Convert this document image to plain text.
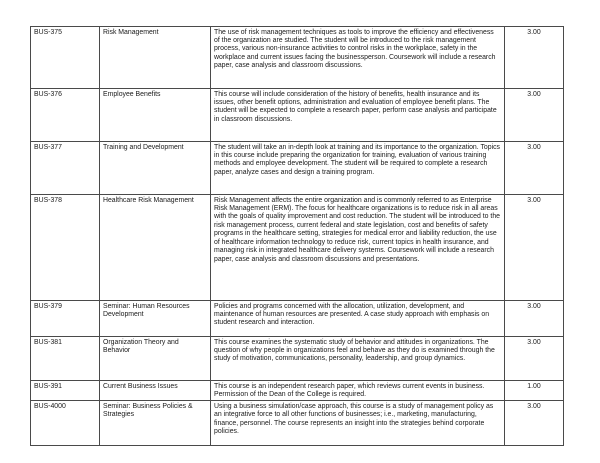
BUS-375	Risk Management	The use of risk management techniques as tools to improve the efficiency and effectiveness of the organization are studied. The student will be introduced to the risk management process, various non-insurance activities to control risks in the workplace, safety in the workplace and current issues facing the businessperson. Coursework will include a research paper, case analysis and classroom discussions.	3.00
BUS-376	Employee Benefits	This course will include consideration of the history of benefits, health insurance and its issues, other benefit options, administration and evaluation of employee benefit plans. The student will be expected to complete a research paper, perform case analysis and participate in classroom discussions.	3.00
BUS-377	Training and Development	The student will take an in-depth look at training and its importance to the organization. Topics in this course include preparing the organization for training, evaluation of various training methods and employee development. The student will be required to complete a research paper, analyze cases and design a training program.	3.00
BUS-378	Healthcare Risk Management	Risk Management affects the entire organization and is commonly referred to as Enterprise Risk Management (ERM). The focus for healthcare organizations is to reduce risk in all areas with the goals of quality improvement and cost reduction. The student will be introduced to the risk management process, current federal and state legislation, cost and benefits of safety programs in the healthcare setting, strategies for medical error and liability reduction, the use of healthcare information technology to reduce risk, current topics in health insurance, and managing risk in integrated healthcare delivery systems. Coursework will include a research paper, case analysis and classroom discussions and presentations.	3.00
BUS-379	Seminar: Human Resources Development	Policies and programs concerned with the allocation, utilization, development, and maintenance of human resources are presented. A case study approach with emphasis on student research and interaction.	3.00
BUS-381	Organization Theory and Behavior	This course examines the systematic study of behavior and attitudes in organizations. The question of why people in organizations feel and behave as they do is examined through the study of motivation, communications, personality, leadership, and group dynamics.	3.00
BUS-391	Current Business Issues	This course is an independent research paper, which reviews current events in business. Permission of the Dean of the College is required.	1.00
BUS-4000	Seminar: Business Policies & Strategies	Using a business simulation/case approach, this course is a study of management policy as an integrative force to all other functions of businesses; i.e., marketing, manufacturing, finance, personnel. The course represents an insight into the strategies behind corporate policies.	3.00
